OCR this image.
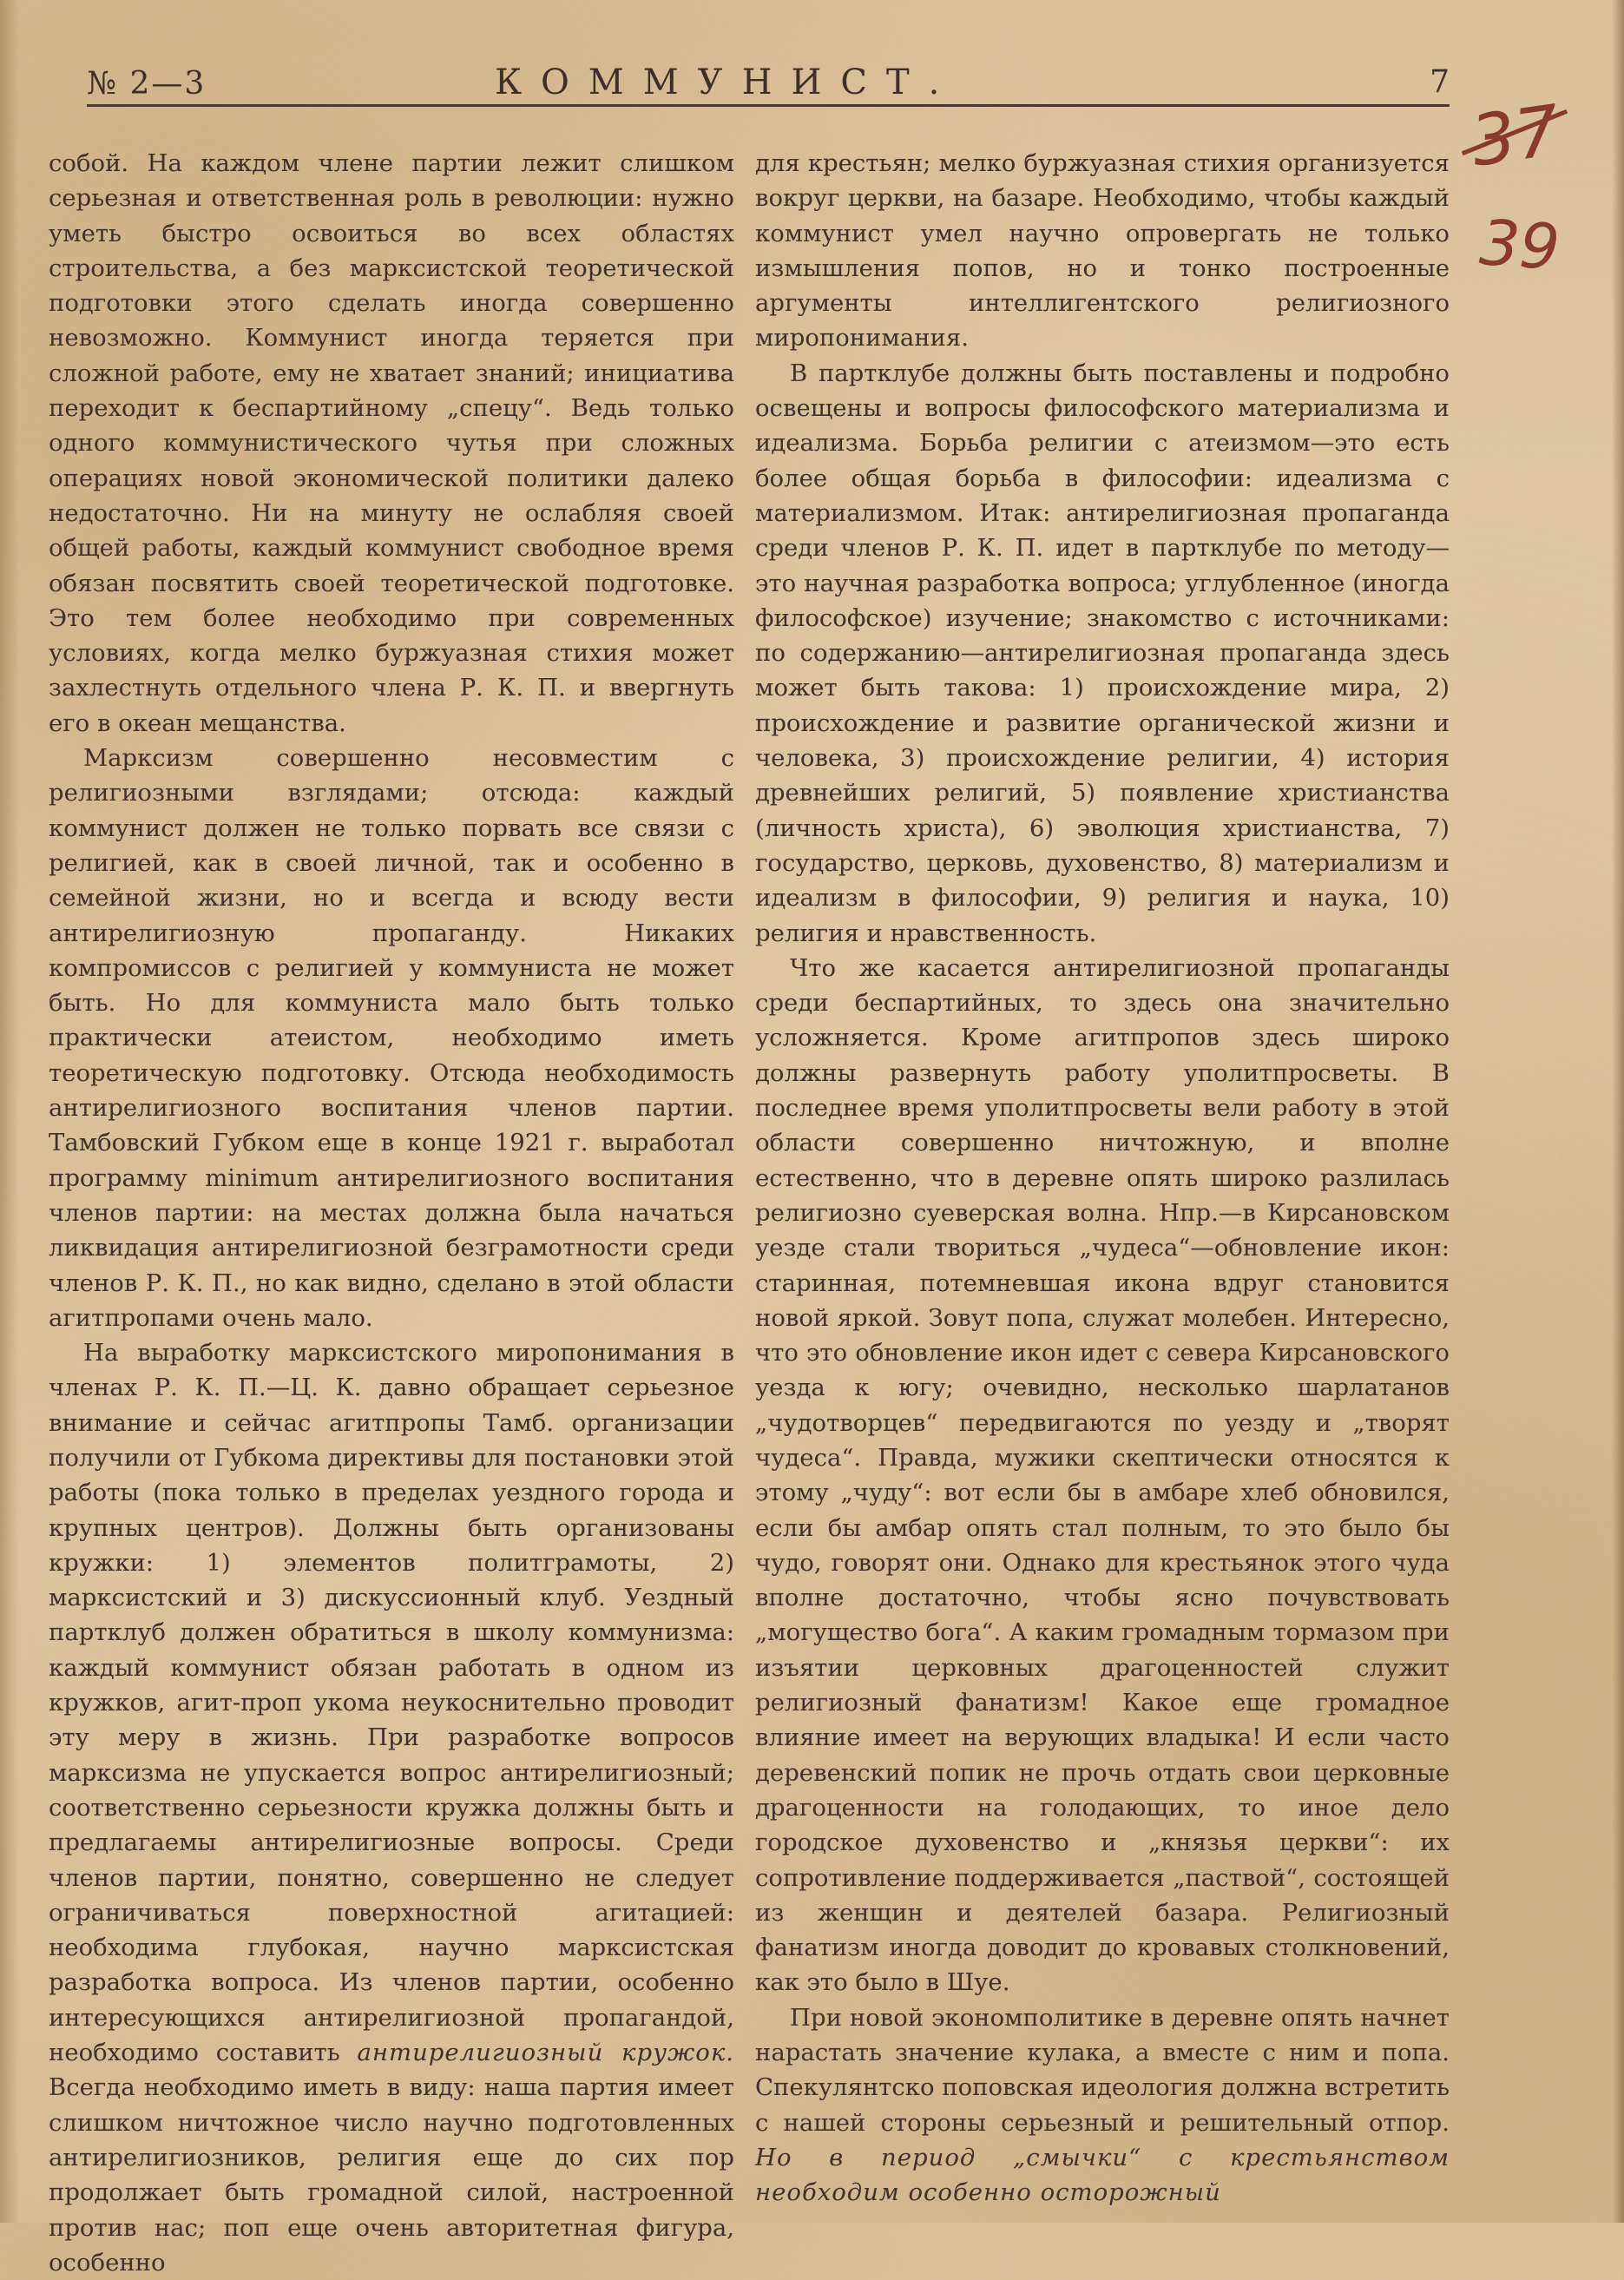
№ 2—3	КОММУНИСТ.	7
37
39

собой. На каждом члене партии лежит слишком серьезная и ответственная роль в революции: нужно уметь быстро освоиться во всех областях строительства, а без марксистской теоретической подготовки этого сделать иногда совершенно невозможно. Коммунист иногда теряется при сложной работе, ему не хватает знаний; инициатива переходит к беспартийному „спецу“. Ведь только одного коммунистического чутья при сложных операциях новой экономической политики далеко недостаточно. Ни на минуту не ослабляя своей общей работы, каждый коммунист свободное время обязан посвятить своей теоретической подготовке. Это тем более необходимо при современных условиях, когда мелко буржуазная стихия может захлестнуть отдельного члена Р. К. П. и ввергнуть его в океан мещанства.

Марксизм совершенно несовместим с религиозными взглядами; отсюда: каждый коммунист должен не только порвать все связи с религией, как в своей личной, так и особенно в семейной жизни, но и всегда и всюду вести антирелигиозную пропаганду. Никаких компромиссов с религией у коммуниста не может быть. Но для коммуниста мало быть только практически атеистом, необходимо иметь теоретическую подготовку. Отсюда необходимость антирелигиозного воспитания членов партии. Тамбовский Губком еще в конце 1921 г. выработал программу minimum антирелигиозного воспитания членов партии: на местах должна была начаться ликвидация антирелигиозной безграмотности среди членов Р. К. П., но как видно, сделано в этой области агитпропами очень мало.

На выработку марксистского миропонимания в членах Р. К. П.—Ц. К. давно обращает серьезное внимание и сейчас агитпропы Тамб. организации получили от Губкома директивы для постановки этой работы (пока только в пределах уездного города и крупных центров). Должны быть организованы кружки: 1) элементов политграмоты, 2) марксистский и 3) дискуссионный клуб. Уездный партклуб должен обратиться в школу коммунизма: каждый коммунист обязан работать в одном из кружков, агит-проп укома неукоснительно проводит эту меру в жизнь. При разработке вопросов марксизма не упускается вопрос антирелигиозный; соответственно серьезности кружка должны быть и предлагаемы антирелигиозные вопросы. Среди членов партии, понятно, совершенно не следует ограничиваться поверхностной агитацией: необходима глубокая, научно марксистская разработка вопроса. Из членов партии, особенно интересующихся антирелигиозной пропагандой, необходимо составить антирелигиозный кружок. Всегда необходимо иметь в виду: наша партия имеет слишком ничтожное число научно подготовленных антирелигиозников, религия еще до сих пор продолжает быть громадной силой, настроенной против нас; поп еще очень авторитетная фигура, особенно

для крестьян; мелко буржуазная стихия организуется вокруг церкви, на базаре. Необходимо, чтобы каждый коммунист умел научно опровергать не только измышления попов, но и тонко построенные аргументы интеллигентского религиозного миропонимания.

В партклубе должны быть поставлены и подробно освещены и вопросы философского материализма и идеализма. Борьба религии с атеизмом—это есть более общая борьба в философии: идеализма с материализмом. Итак: антирелигиозная пропаганда среди членов Р. К. П. идет в партклубе по методу—это научная разработка вопроса; углубленное (иногда философское) изучение; знакомство с источниками: по содержанию—антирелигиозная пропаганда здесь может быть такова: 1) происхождение мира, 2) происхождение и развитие органической жизни и человека, 3) происхождение религии, 4) история древнейших религий, 5) появление христианства (личность христа), 6) эволюция христианства, 7) государство, церковь, духовенство, 8) материализм и идеализм в философии, 9) религия и наука, 10) религия и нравственность.

Что же касается антирелигиозной пропаганды среди беспартийных, то здесь она значительно усложняется. Кроме агитпропов здесь широко должны развернуть работу уполитпросветы. В последнее время уполитпросветы вели работу в этой области совершенно ничтожную, и вполне естественно, что в деревне опять широко разлилась религиозно суеверская волна. Нпр.—в Кирсановском уезде стали твориться „чудеса“—обновление икон: старинная, потемневшая икона вдруг становится новой яркой. Зовут попа, служат молебен. Интересно, что это обновление икон идет с севера Кирсановского уезда к югу; очевидно, несколько шарлатанов „чудотворцев“ передвигаются по уезду и „творят чудеса“. Правда, мужики скептически относятся к этому „чуду“: вот если бы в амбаре хлеб обновился, если бы амбар опять стал полным, то это было бы чудо, говорят они. Однако для крестьянок этого чуда вполне достаточно, чтобы ясно почувствовать „могущество бога“. А каким громадным тормазом при изъятии церковных драгоценностей служит религиозный фанатизм! Какое еще громадное влияние имеет на верующих владыка! И если часто деревенский попик не прочь отдать свои церковные драгоценности на голодающих, то иное дело городское духовенство и „князья церкви“: их сопротивление поддерживается „паствой“, состоящей из женщин и деятелей базара. Религиозный фанатизм иногда доводит до кровавых столкновений, как это было в Шуе.

При новой экономполитике в деревне опять начнет нарастать значение кулака, а вместе с ним и попа. Спекулянтско поповская идеология должна встретить с нашей стороны серьезный и решительный отпор. Но в период „смычки“ с крестьянством необходим особенно осторожный
